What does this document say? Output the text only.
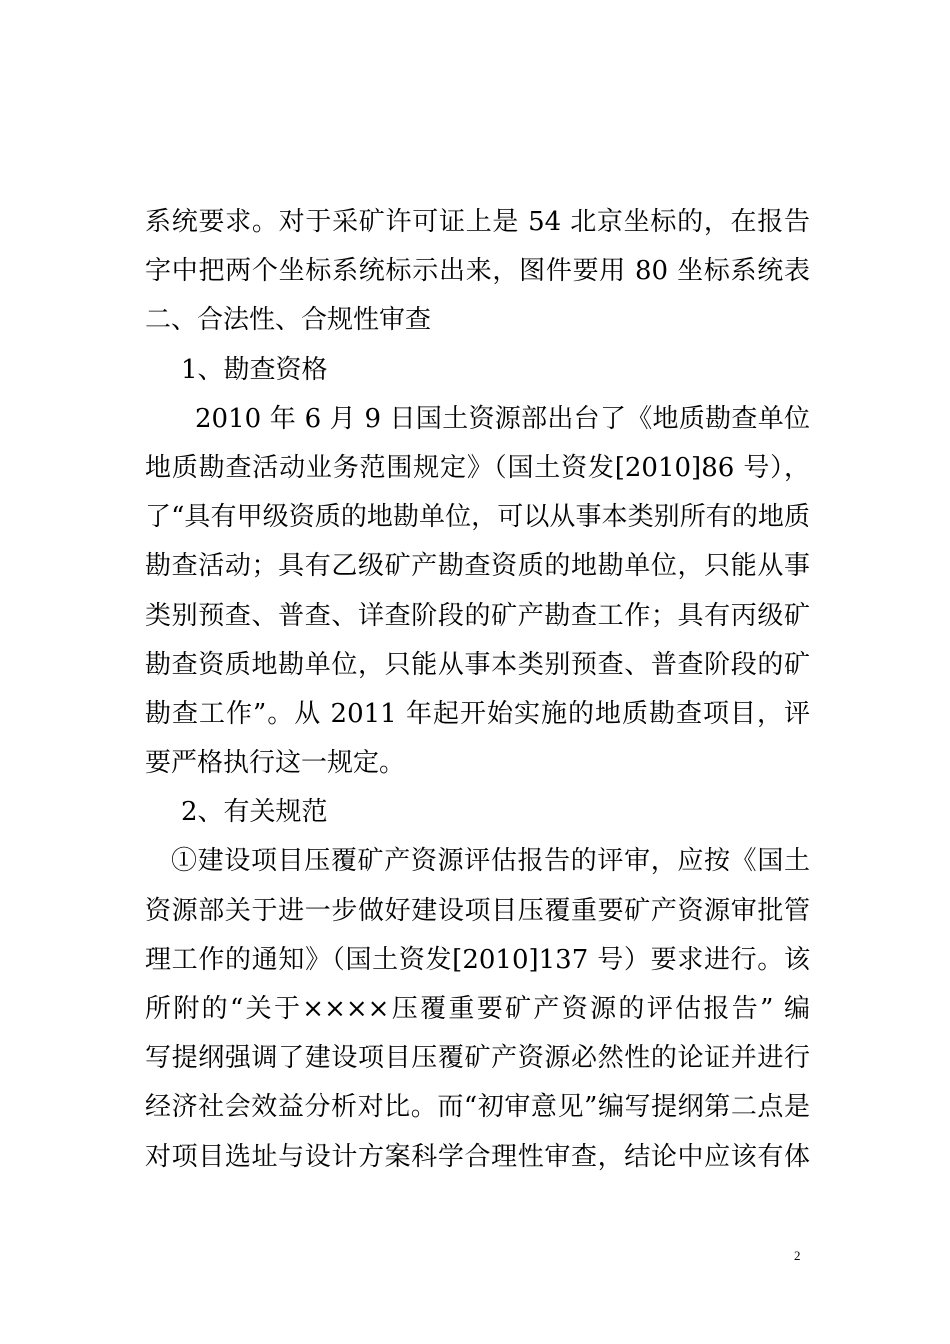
系统要求。对于采矿许可证上是 54 北京坐标的，在报告
字中把两个坐标系统标示出来，图件要用 80 坐标系统表
二、合法性、合规性审查
1、勘查资格
2010 年 6 月 9 日国土资源部出台了《地质勘查单位
地质勘查活动业务范围规定》（国土资发[2010]86 号），
了“具有甲级资质的地勘单位，可以从事本类别所有的地质
勘查活动；具有乙级矿产勘查资质的地勘单位，只能从事
类别预查、普查、详查阶段的矿产勘查工作；具有丙级矿
勘查资质地勘单位，只能从事本类别预查、普查阶段的矿
勘查工作”。从 2011 年起开始实施的地质勘查项目，评
要严格执行这一规定。
2、有关规范
①建设项目压覆矿产资源评估报告的评审，应按《国土
资源部关于进一步做好建设项目压覆重要矿产资源审批管
理工作的通知》（国土资发[2010]137 号）要求进行。该
所附的“关于××××压覆重要矿产资源的评估报告” 编
写提纲强调了建设项目压覆矿产资源必然性的论证并进行
经济社会效益分析对比。而“初审意见”编写提纲第二点是
对项目选址与设计方案科学合理性审查，结论中应该有体
2
